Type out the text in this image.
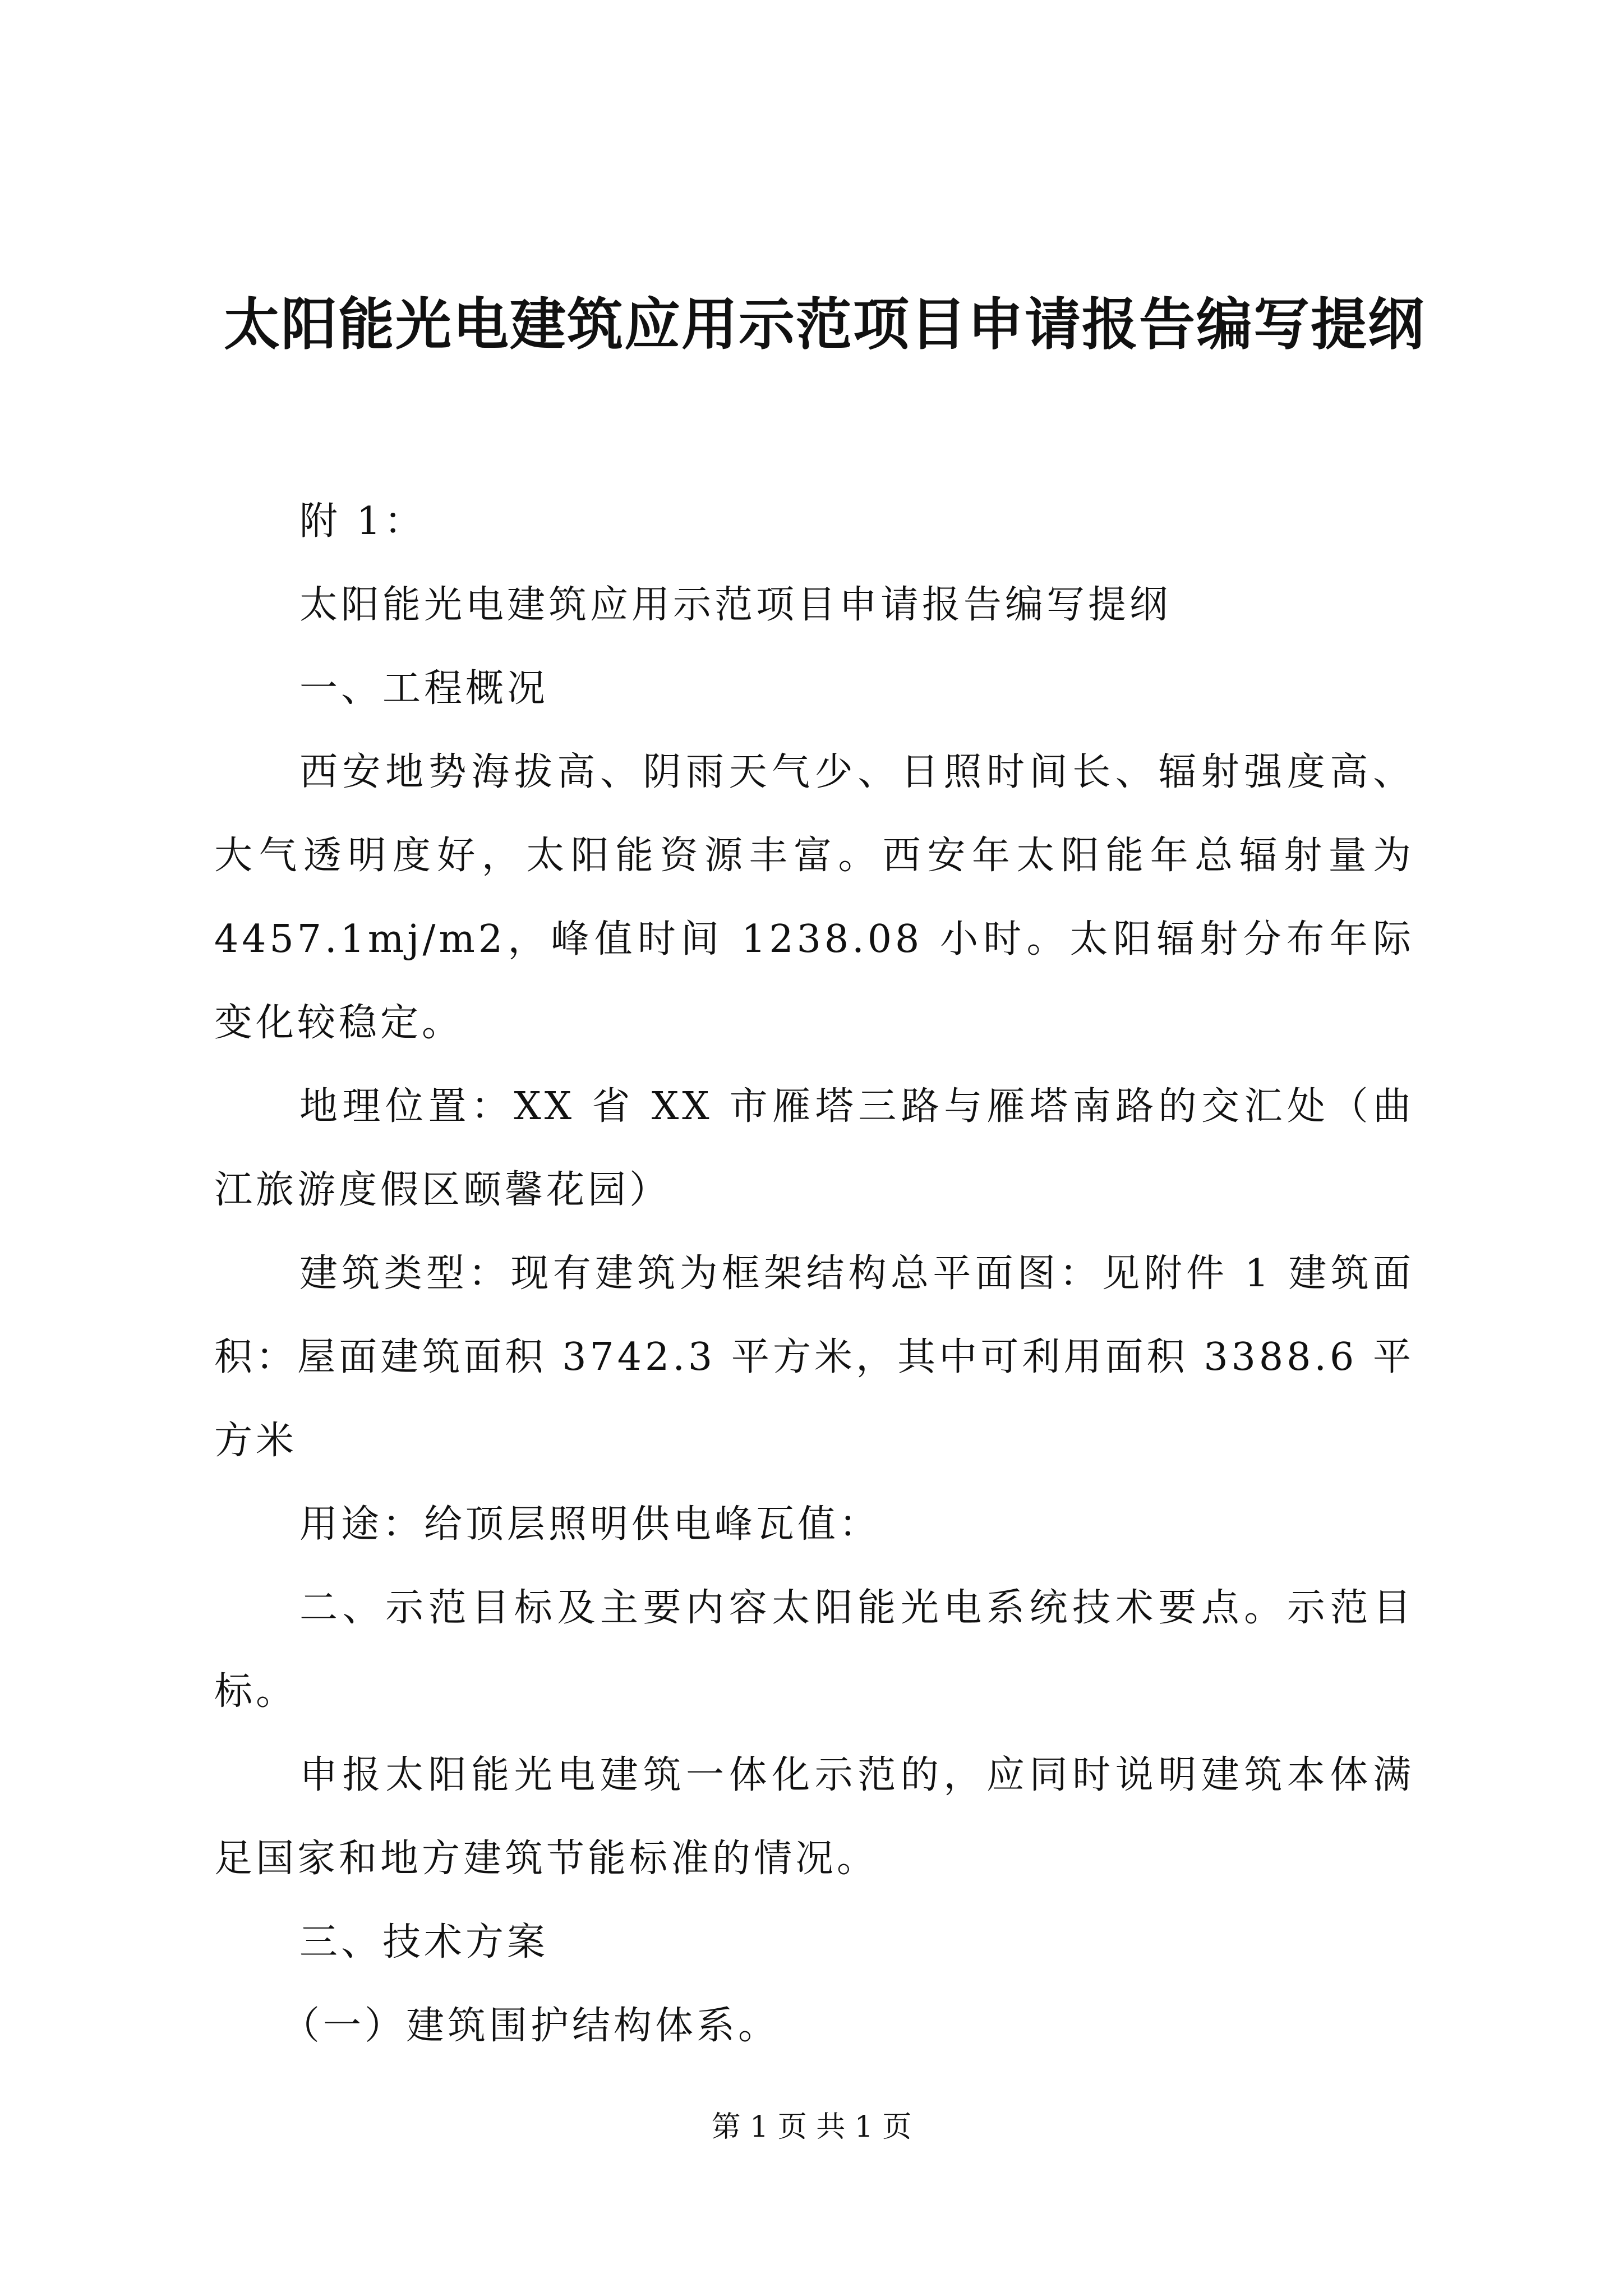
太阳能光电建筑应用示范项目申请报告编写提纲

附 1：

太阳能光电建筑应用示范项目申请报告编写提纲

一、工程概况

西安地势海拔高、阴雨天气少、日照时间长、辐射强度高、大气透明度好，太阳能资源丰富。西安年太阳能年总辐射量为 4457.1mj/m2，峰值时间 1238.08 小时。太阳辐射分布年际变化较稳定。

地理位置：XX 省 XX 市雁塔三路与雁塔南路的交汇处（曲江旅游度假区颐馨花园）

建筑类型：现有建筑为框架结构总平面图：见附件 1 建筑面积：屋面建筑面积 3742.3 平方米，其中可利用面积 3388.6 平方米

用途：给顶层照明供电峰瓦值：

二、示范目标及主要内容太阳能光电系统技术要点。示范目标。

申报太阳能光电建筑一体化示范的，应同时说明建筑本体满足国家和地方建筑节能标准的情况。

三、技术方案

（一）建筑围护结构体系。

第 1 页 共 1 页
